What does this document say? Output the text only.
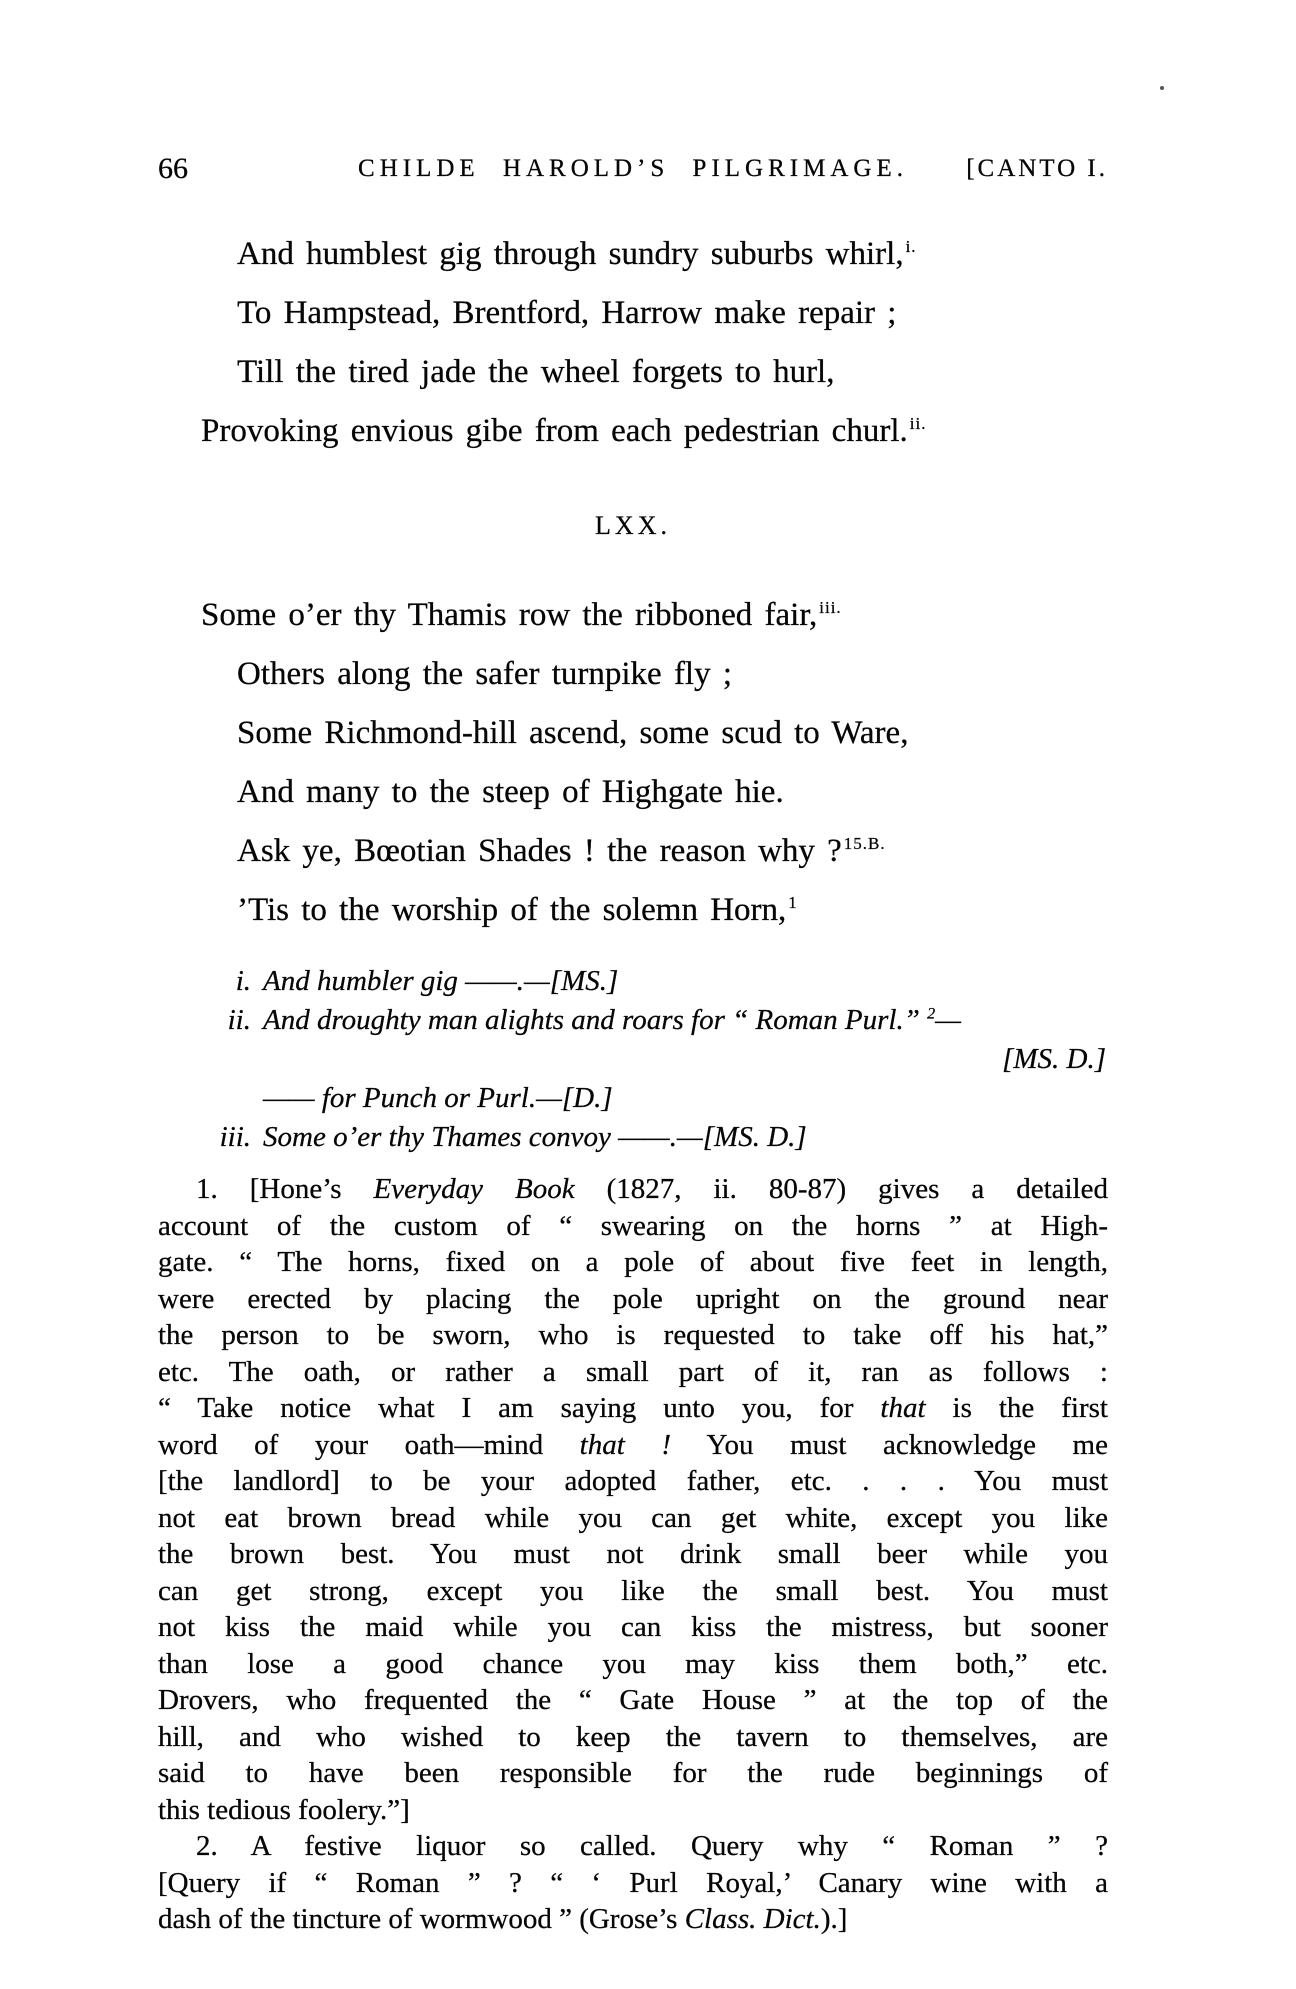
66	CHILDE HAROLD’S PILGRIMAGE.	[CANTO I.
And humblest gig through sundry suburbs whirl, $^{i.}$
To Hampstead, Brentford, Harrow make repair ;
Till the tired jade the wheel forgets to hurl,
Provoking envious gibe from each pedestrian churl. $^{ii.}$
LXX.
Some o’er thy Thamis row the ribboned fair, $^{iii.}$
Others along the safer turnpike fly ;
Some Richmond-hill ascend, some scud to Ware,
And many to the steep of Highgate hie.
Ask ye, Bœotian Shades ! the reason why ? $^{15.B.}$
’Tis to the worship of the solemn Horn, $^1$
i. And humbler gig ——.—[MS.]
ii. And droughty man alights and roars for “ Roman Purl.” $^2$—
[MS. D.]
—— for Punch or Purl.—[D.]
iii. Some o’er thy Thames convoy ——.—[MS. D.]
1. [Hone’s Everyday Book (1827, ii. 80-87) gives a detailed
account of the custom of “ swearing on the horns ” at High-
gate. “ The horns, fixed on a pole of about five feet in length,
were erected by placing the pole upright on the ground near
the person to be sworn, who is requested to take off his hat,”
etc. The oath, or rather a small part of it, ran as follows :
“ Take notice what I am saying unto you, for that is the first
word of your oath—mind that ! You must acknowledge me
[the landlord] to be your adopted father, etc. . . . You must
not eat brown bread while you can get white, except you like
the brown best. You must not drink small beer while you
can get strong, except you like the small best. You must
not kiss the maid while you can kiss the mistress, but sooner
than lose a good chance you may kiss them both,” etc.
Drovers, who frequented the “ Gate House ” at the top of the
hill, and who wished to keep the tavern to themselves, are
said to have been responsible for the rude beginnings of
this tedious foolery.”]
2. A festive liquor so called. Query why “ Roman ” ?
[Query if “ Roman ” ? “ ‘ Purl Royal,’ Canary wine with a
dash of the tincture of wormwood ” (Grose’s Class. Dict.).]
